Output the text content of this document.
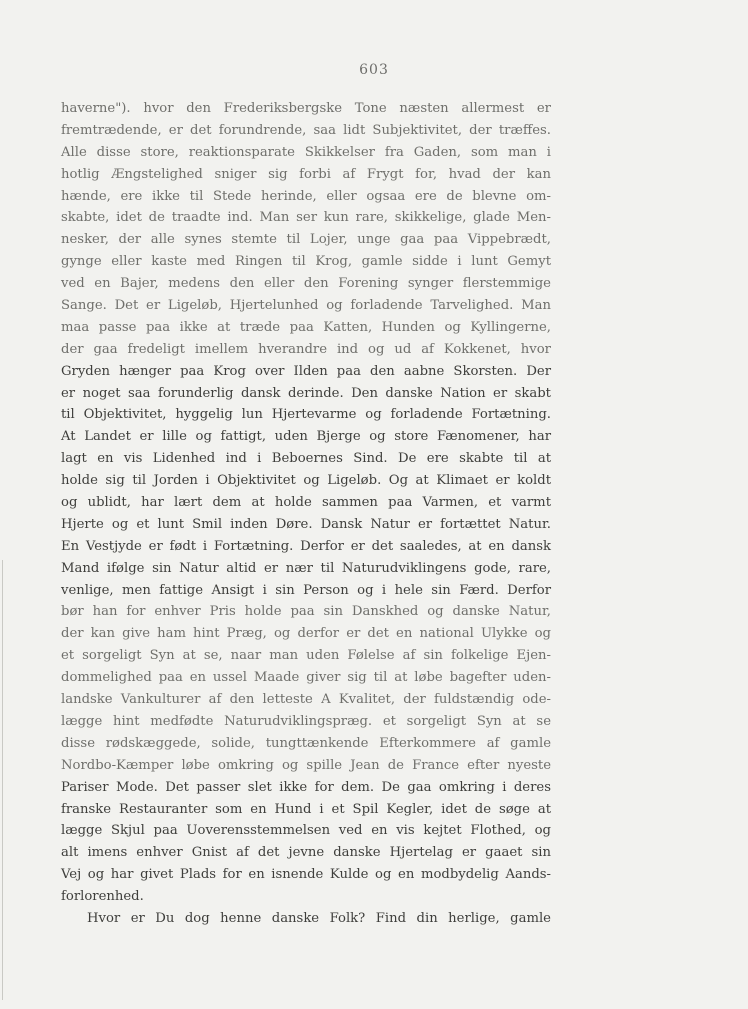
603
haverne"). hvor den Frederiksbergske Tone næsten allermest er
fremtrædende, er det forundrende, saa lidt Subjektivitet, der træffes.
Alle disse store, reaktionsparate Skikkelser fra Gaden, som man i
hotlig Ængstelighed sniger sig forbi af Frygt for, hvad der kan
hænde, ere ikke til Stede herinde, eller ogsaa ere de blevne om-
skabte, idet de traadte ind. Man ser kun rare, skikkelige, glade Men-
nesker, der alle synes stemte til Lojer, unge gaa paa Vippebrædt,
gynge eller kaste med Ringen til Krog, gamle sidde i lunt Gemyt
ved en Bajer, medens den eller den Forening synger flerstemmige
Sange. Det er Ligeløb, Hjertelunhed og forladende Tarvelighed. Man
maa passe paa ikke at træde paa Katten, Hunden og Kyllingerne,
der gaa fredeligt imellem hverandre ind og ud af Kokkenet, hvor
Gryden hænger paa Krog over Ilden paa den aabne Skorsten. Der
er noget saa forunderlig dansk derinde. Den danske Nation er skabt
til Objektivitet, hyggelig lun Hjertevarme og forladende Fortætning.
At Landet er lille og fattigt, uden Bjerge og store Fænomener, har
lagt en vis Lidenhed ind i Beboernes Sind. De ere skabte til at
holde sig til Jorden i Objektivitet og Ligeløb. Og at Klimaet er koldt
og ublidt, har lært dem at holde sammen paa Varmen, et varmt
Hjerte og et lunt Smil inden Døre. Dansk Natur er fortættet Natur.
En Vestjyde er født i Fortætning. Derfor er det saaledes, at en dansk
Mand ifølge sin Natur altid er nær til Naturudviklingens gode, rare,
venlige, men fattige Ansigt i sin Person og i hele sin Færd. Derfor
bør han for enhver Pris holde paa sin Danskhed og danske Natur,
der kan give ham hint Præg, og derfor er det en national Ulykke og
et sorgeligt Syn at se, naar man uden Følelse af sin folkelige Ejen-
dommelighed paa en ussel Maade giver sig til at løbe bagefter uden-
landske Vankulturer af den letteste A Kvalitet, der fuldstændig ode-
lægge hint medfødte Naturudviklingspræg. et sorgeligt Syn at se
disse rødskæggede, solide, tungttænkende Efterkommere af gamle
Nordbo-Kæmper løbe omkring og spille Jean de France efter nyeste
Pariser Mode. Det passer slet ikke for dem. De gaa omkring i deres
franske Restauranter som en Hund i et Spil Kegler, idet de søge at
lægge Skjul paa Uoverensstemmelsen ved en vis kejtet Flothed, og
alt imens enhver Gnist af det jevne danske Hjertelag er gaaet sin
Vej og har givet Plads for en isnende Kulde og en modbydelig Aands-
forlorenhed.
Hvor er Du dog henne danske Folk? Find din herlige, gamle
